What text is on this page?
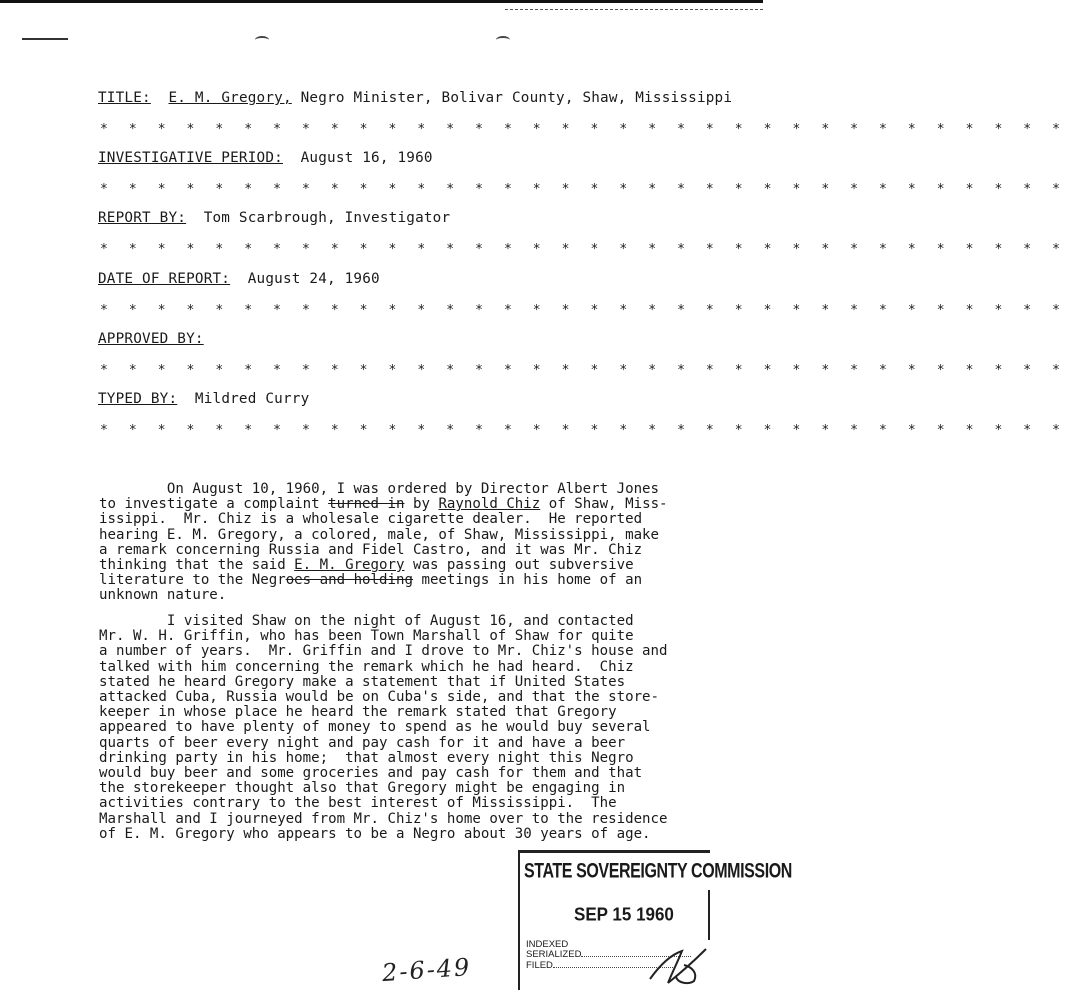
TITLE: E. M. Gregory, Negro Minister, Bolivar County, Shaw, Mississippi
* * * * * * * * * * * * * * * * * * * * * * * * * * * * * * * * * *
INVESTIGATIVE PERIOD:  August 16, 1960
* * * * * * * * * * * * * * * * * * * * * * * * * * * * * * * * * *
REPORT BY:  Tom Scarbrough, Investigator
* * * * * * * * * * * * * * * * * * * * * * * * * * * * * * * * * *
DATE OF REPORT:  August 24, 1960
* * * * * * * * * * * * * * * * * * * * * * * * * * * * * * * * * *
APPROVED BY:
* * * * * * * * * * * * * * * * * * * * * * * * * * * * * * * * * *
TYPED BY:  Mildred Curry
* * * * * * * * * * * * * * * * * * * * * * * * * * * * * * * * * *
On August 10, 1960, I was ordered by Director Albert Jones
to investigate a complaint turned in by Raynold Chiz of Shaw, Miss-
issippi.  Mr. Chiz is a wholesale cigarette dealer.  He reported
hearing E. M. Gregory, a colored, male, of Shaw, Mississippi, make
a remark concerning Russia and Fidel Castro, and it was Mr. Chiz
thinking that the said E. M. Gregory was passing out subversive
literature to the Negroes and holding meetings in his home of an
unknown nature.
I visited Shaw on the night of August 16, and contacted
Mr. W. H. Griffin, who has been Town Marshall of Shaw for quite
a number of years.  Mr. Griffin and I drove to Mr. Chiz's house and
talked with him concerning the remark which he had heard.  Chiz
stated he heard Gregory make a statement that if United States
attacked Cuba, Russia would be on Cuba's side, and that the store-
keeper in whose place he heard the remark stated that Gregory
appeared to have plenty of money to spend as he would buy several
quarts of beer every night and pay cash for it and have a beer
drinking party in his home;  that almost every night this Negro
would buy beer and some groceries and pay cash for them and that
the storekeeper thought also that Gregory might be engaging in
activities contrary to the best interest of Mississippi.  The
Marshall and I journeyed from Mr. Chiz's home over to the residence
of E. M. Gregory who appears to be a Negro about 30 years of age.
STATE SOVEREIGNTY COMMISSION
SEP 15 1960
INDEXED
SERIALIZED
FILED
2-6-49
